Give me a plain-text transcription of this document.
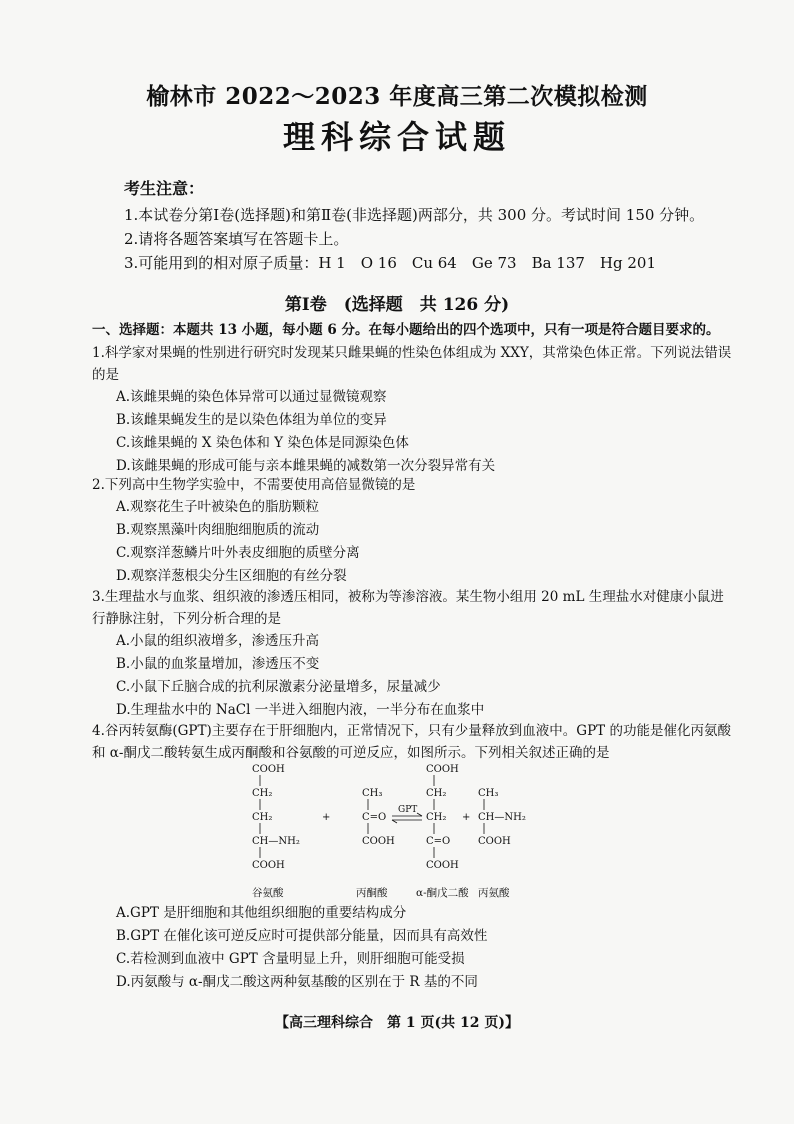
榆林市 2022～2023 年度高三第二次模拟检测
理科综合试题
考生注意：
1.本试卷分第Ⅰ卷(选择题)和第Ⅱ卷(非选择题)两部分，共 300 分。考试时间 150 分钟。
2.请将各题答案填写在答题卡上。
3.可能用到的相对原子质量：H 1　O 16　Cu 64　Ge 73　Ba 137　Hg 201
第Ⅰ卷　(选择题　共 126 分)
一、选择题：本题共 13 小题，每小题 6 分。在每小题给出的四个选项中，只有一项是符合题目要求的。
1.科学家对果蝇的性别进行研究时发现某只雌果蝇的性染色体组成为 XXY，其常染色体正常。下列说法错误的是
A.该雌果蝇的染色体异常可以通过显微镜观察
B.该雌果蝇发生的是以染色体组为单位的变异
C.该雌果蝇的 X 染色体和 Y 染色体是同源染色体
D.该雌果蝇的形成可能与亲本雌果蝇的减数第一次分裂异常有关
2.下列高中生物学实验中，不需要使用高倍显微镜的是
A.观察花生子叶被染色的脂肪颗粒
B.观察黑藻叶肉细胞细胞质的流动
C.观察洋葱鳞片叶外表皮细胞的质壁分离
D.观察洋葱根尖分生区细胞的有丝分裂
3.生理盐水与血浆、组织液的渗透压相同，被称为等渗溶液。某生物小组用 20 mL 生理盐水对健康小鼠进行静脉注射，下列分析合理的是
A.小鼠的组织液增多，渗透压升高
B.小鼠的血浆量增加，渗透压不变
C.小鼠下丘脑合成的抗利尿激素分泌量增多，尿量减少
D.生理盐水中的 NaCl 一半进入细胞内液，一半分布在血浆中
4.谷丙转氨酶(GPT)主要存在于肝细胞内，正常情况下，只有少量释放到血液中。GPT 的功能是催化丙氨酸和 α-酮戊二酸转氨生成丙酮酸和谷氨酸的可逆反应，如图所示。下列相关叙述正确的是
COOH
CH₂
CH₂
CH—NH₂
COOH
+
CH₃
C=O
COOH
GPT
COOH
CH₂
CH₂
C=O
COOH
+
CH₃
CH—NH₂
COOH
谷氨酸	丙酮酸	α-酮戊二酸 丙氨酸
A.GPT 是肝细胞和其他组织细胞的重要结构成分
B.GPT 在催化该可逆反应时可提供部分能量，因而具有高效性
C.若检测到血液中 GPT 含量明显上升，则肝细胞可能受损
D.丙氨酸与 α-酮戊二酸这两种氨基酸的区别在于 R 基的不同
【高三理科综合　第 1 页(共 12 页)】
